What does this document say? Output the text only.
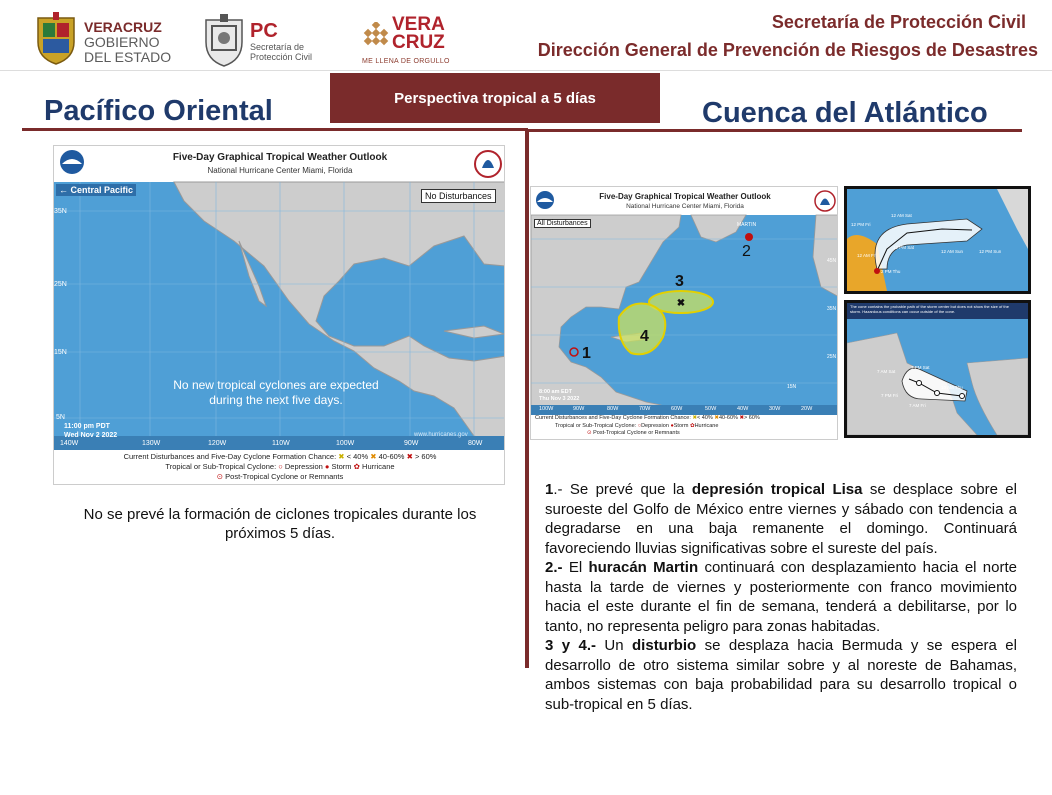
VERACRUZ
GOBIERNO
DEL ESTADO
PC
Secretaría de
Protección Civil
VERA
CRUZ
ME LLENA DE ORGULLO
Secretaría de Protección Civil
Dirección General de Prevención de Riesgos de Desastres
Perspectiva tropical a 5 días
Pacífico Oriental	Cuenca del Atlántico
Five-Day Graphical Tropical Weather Outlook
National Hurricane Center Miami, Florida
← Central Pacific
No Disturbances
35N
25N
15N
5N
No new tropical cyclones are expected
during the next five days.
11:00 pm PDT
Wed Nov 2 2022	www.hurricanes.gov
140W	130W	120W	110W	100W	90W	80W
Current Disturbances and Five-Day Cyclone Formation Chance: ✖ < 40% ✖ 40-60% ✖ > 60%
Tropical or Sub-Tropical Cyclone: ○ Depression ● Storm ✿ Hurricane
⊙ Post-Tropical Cyclone or Remnants
No se prevé la formación de ciclones tropicales durante los próximos 5 días.
✖
Five-Day Graphical Tropical Weather Outlook
National Hurricane Center Miami, Florida
All Disturbances	MARTIN
1
2
3
4
8:00 am EDT
Thu Nov 3 2022
100W	90W	80W	70W	60W	50W	40W	30W	20W
45N
35N
25N
15N
Current Disturbances and Five-Day Cyclone Formation Chance: ✖< 40% ✖40-60% ✖> 60%
Tropical or Sub-Tropical Cyclone: ○Depression ●Storm ✿Hurricane
⊙ Post-Tropical Cyclone or Remnants
12 AM Sat
12 PM Fri
12 PM Sat
12 AM Sun	12 PM Sun
12 AM Fri
2 PM Thu
The cone contains the probable path of the storm center but does not show the size of the storm. Hazardous conditions can occur outside of the cone.
7 AM Sat
7 PM Sat
7 PM Fri
7 AM Fri
10 AM Thu

1.- Se prevé que la depresión tropical Lisa se desplace sobre el suroeste del Golfo de México entre viernes y sábado con tendencia a degradarse en una baja remanente el domingo. Continuará favoreciendo lluvias significativas sobre el sureste del país.

2.- El huracán Martin continuará con desplazamiento hacia el norte hasta la tarde de viernes y posteriormente con franco movimiento hacia el este durante el fin de semana, tenderá a debilitarse, por lo tanto, no representa peligro para zonas habitadas.

3 y 4.- Un disturbio se desplaza hacia Bermuda y se espera el desarrollo de otro sistema similar sobre y al noreste de Bahamas, ambos sistemas con baja probabilidad para su desarrollo tropical o sub-tropical en 5 días.
